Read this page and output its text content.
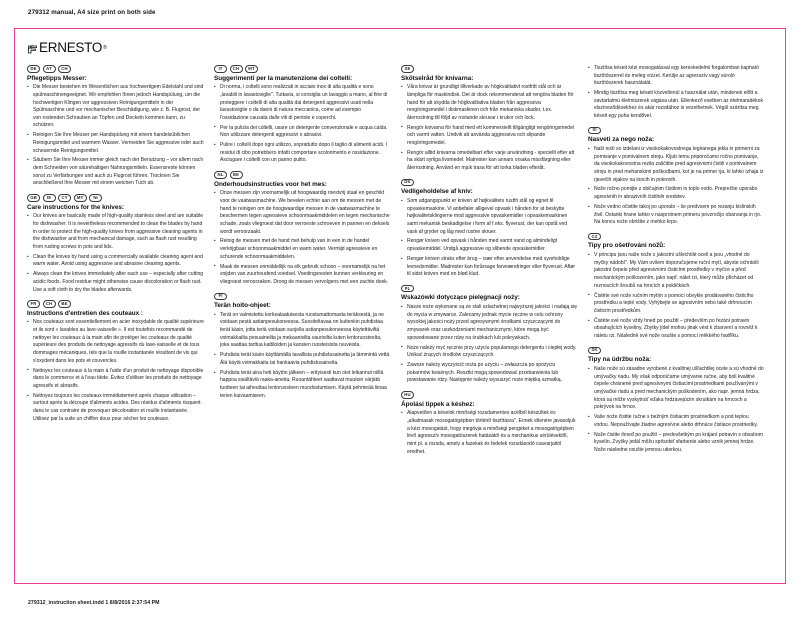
279312 manual, A4 size print on both side
ERNESTO ®
DE	AT	CH
Pflegetipps Messer:
• Die Messer bestehen im Wesentlichen aus hochwertigem Edelstahl und sind spülmaschinengeeignet. Wir empfehlen Ihnen jedoch Handspülung, um die hochwertigen Klingen vor aggressiven Reinigungsmitteln in der Spülmaschine und vor mechanischer Beschädigung, wie z. B. Flugrost, der von rostenden Schrauben an Töpfen und Deckeln kommen kann, zu schützen.
• Reinigen Sie Ihre Messer per Handspülung mit einem handelsüblichen Reinigungsmittel und warmem Wasser. Vermeiden Sie aggressive oder auch scheuernde Reinigungsmittel.
• Säubern Sie Ihre Messer immer gleich nach der Benutzung – vor allem nach dem Schneiden von säurehaltigen Nahrungsmitteln. Essensreste können sonst zu Verfärbungen und auch zu Flugrost führen. Trocknen Sie anschließend Ihre Messer mit einem weichen Tuch ab.
GB	IE	CY	MT	NI
Care instructions for the knives:
• Our knives are basically made of high-quality stainless steel and are suitable for dishwasher. It is nevertheless recommended to clean the blades by hand in order to protect the high-quality knives from aggressive cleaning agents in the dishwasher and from mechanical damage, such as flash rust resulting from rusting screws in pots and lids.
• Clean the knives by hand using a commercially available cleaning agent and warm water. Avoid using aggressive and abrasive cleaning agents.
• Always clean the knives immediately after each use – especially after cutting acidic foods. Food residue might otherwise cause discoloration or flash rust. Use a soft cloth to dry the blades afterwards.
FR	CH	BE
Instructions d'entretien des couteaux :
• Nos couteaux sont essentiellement en acier inoxydable de qualité supérieure et ils sont « lavables au lave-vaisselle ». Il est toutefois recommandé de nettoyer les couteaux à la main afin de protéger les couteaux de qualité supérieure des produits de nettoyage agressifs du lave-vaisselle et de tous dommages mécaniques, tels que la rouille instantanée résultant de vis qui s'oxydent dans les pots et couvercles.
• Nettoyez les couteaux à la main à l'aide d'un produit de nettoyage disponible dans le commerce et à l'eau tiède. Évitez d'utiliser les produits de nettoyage agressifs et abrasifs.
• Nettoyez toujours les couteaux immédiatement après chaque utilisation – surtout après la découpe d'aliments acides. Des résidus d'aliments risquent dans le cas contraire de provoquer décoloration et rouille instantanée. Utilisez par la suite un chiffon doux pour sécher les couteaux.
IT	CH	MT
Suggerimenti per la manutenzione dei coltelli:
• Di norma, i coltelli sono realizzati in acciaio inox di alta qualità e sono „lavabili in lavastoviglie". Tuttavia, si consiglia un lavaggio a mano, al fine di proteggere i coltelli di alta qualità dai detergenti aggressivi usati nella lavastoviglie o da danni di natura meccanica, come ad esempio l'ossidazione causata dalle viti di pentole e coperchi.
• Per la pulizia dei coltelli, usare un detergente convenzionale e acqua calda. Non utilizzare detergenti aggressivi o abrasivi.
• Pulire i coltelli dopo ogni utilizzo, soprattutto dopo il taglio di alimenti acidi. I residui di cibo potrebbero infatti comportare scolorimento e ossidazione. Asciugare i coltelli con un panno pulito.
NL	BE
Onderhoudsinstructies voor het mes:
• Onze messen zijn voornamelijk uit hoogwaardig roestvrij staal en geschikt voor de vaatwasmachine. We bevelen echter aan om de messen met de hand te reinigen om de hoogwaardige messen in de vaatwasmachine te beschermen tegen agressieve schoonmaakmiddelen en tegen mechanische schade, zoals vliegroest dat door verroeste schroeven in pannen en deksels wordt veroorzaakt.
• Reinig de messen met de hand met behulp van in een in de handel verkrijgbaar schoonmaakmiddel en warm water. Vermijd agressieve en schurende schoonmaakmiddelen.
• Maak de messen onmiddellijk na elk gebruik schoon – voornamelijk na het snijden van zuurhoudend voedsel. Voedingsresten kunnen verkleuring en vliegroest veroorzaken. Droog de messen vervolgens met een zachte doek.
FI
Terän hoito-ohjeet:
• Terät on valmistettu korkealaatuisesta ruostumattomasta teräksestä, ja ne voidaan pestä astianpesukoneessa. Suositeltavaa on kuitenkin puhdistaa terät käsin, jotta teriä voidaan suojella astianpesukoneessa käytettäviltä voimakkailta pesuaineilta ja mekaanisilta vaurioilta kuten lentoruosteelta, joka saattaa tarttua kattiloiden ja kansien ruosteisista ruuveista.
• Puhdista terät käsin käyttämällä tavallista puhdistusainetta ja lämmintä vettä. Älä käytä voimakkaita tai hankaavia puhdistusaineita.
• Puhdista terät aina heti käytön jälkeen – erityisesti kun olet leikannut niillä happoa sisältäviä raaka-aineita. Ruoantähteet saattavat muutoin värjätä tuotteen tai aiheuttaa lentoruosteen muodostumisen. Käytä pehmeää liinaa terien kuivaamiseen.
SE
Skötselråd för knivarna:
• Våra knivar är grundligt tillverkade av högkvalitativt rostfritt stål och är lämpliga för maskindisk. Det är dock rekommenderat att rengöra bladen för hand för att skydda de högkvalitativa bladen från aggressiva rengöringsmedel i diskmaskinen och från mekaniska skador, t.ex. återrostning till följd av rostande skruvar i krukor och lock.
• Rengör knivarna för hand med ett kommersiellt tillgängligt rengöringsmedel och varmt vatten. Undvik att använda aggressiva och slipande rengöringsmedel.
• Rengör alltid knivarna omedelbart efter varje användning - speciellt efter att ha skärt syrliga livsmedel. Matrester kan annars orsaka missfärgning eller återrostning. Använd en mjuk trasa för att torka bladen efteråt.
DK
Vedligeholdelse af kniv:
• Som udgangspunkt er kniven af højkvalitets rustfri stål og egnet til opvaskemaskine. Vi anbefaler alligevel opvask i hånden for at beskytte højkvalitetsklingerne mod aggressive opvaskemidler i opvaskemaskinen samt mekanisk beskadigelse i form af f.eks. flyverust, der kan opstå ved vask af gryder og låg med rustne skruer.
• Rengør kniven ved opvask i hånden med varmt vand og almindeligt opvaskemiddel. Undgå aggressive og slibende opvaskemidler.
• Rengør kniven straks efter brug – især efter anvendelse med syreholdige levnedsmidler. Madrester kan forårsage farveændringer eller flyverust. Aftør til sidst kniven med en blød klud.
PL
Wskazówki dotyczące pielęgnacji noży:
• Nasze noże wykonane są ze stali szlachetnej najwyższej jakości i nadają się do mycia w zmywarce. Zalecamy jednak mycie ręczne w celu ochrony wysokiej jakości noży przed agresywnymi środkami czyszczącymi do zmywarek oraz uszkodzeniami mechanicznymi, które mogą być spowodowane przez rdzę na śrubkach lub pokrywkach.
• Noże należy myć ręcznie przy użyciu popularnego detergentu i ciepłej wody. Unikać żrących środków czyszczących.
• Zawsze należy wyczyścić noża po użyciu – zwłaszcza po spożyciu pokarmów kwaśnych. Resztki mogą spowodować przebarwienia lub powstawanie rdzy. Następnie należy wysuszyć noże miękką szmatką.
HU
Ápolási tippek a késhez:
• Alapvetően a késeink minőségi rozsdamentes acélból készültek és „alkalmasak mosogatógépben történő tisztításra". Ennek ellenére javasoljuk a kézi mosogatást, hogy megóvja a minőségi pengéket a mosogatógépben lévő agresszív mosogatószerek hatásától és a mechanikus sérülésektől, mint pl. a rozsda, amely a fazekak és fedelek rozsdásodó csavarjaitól eredhet.
• Tisztítsa késeit kézi mosogatással egy kereskedelmi forgalomban kapható tisztítószerrel és meleg vízzel. Kerülje az agresszív vagy súroló tisztítószerek használatát.
• Mindig tisztítsa meg késeit közvetlenül a használat után, mindenek előtt a savtartalmú élelmiszerek vágása után. Ellenkező esetben az ételmaradékok elszíneződésekhez és akár rozsdához is vezethetnek. Végül szárítsa meg késeit egy puha kendővel.
SI
Nasveti za nego noža:
• Naši noži so izdelani iz visokokakovostnega legiranega jekla in primerni za pomivanje v pomivalnem stroju. Kljub temu priporočamo ročno pomivanje, da visokokakovostna rezila zaščitite pred agresivnimi čistili v pomivalnem stroju in pred mehanskimi poškodbami, kot je na primer rja, ki lahko izhaja iz rjavečih vijakov na loncih in pokrovih.
• Nože ročno pomijte z običajnim čistilom in toplo vodo. Preprečite uporabo agresivnih in abrazivnih čistilnih sredstev.
• Nože vedno očistite takoj po uporabi – še predvsem po rezanju kislinskih živil. Ostanki hrane lahko v nasprotnem primeru povzročijo obarvanja in rjo. Na koncu nože obrišite z mehko krpo.
CZ
Tipy pro ošetřování nožů:
• V principu jsou naše nože z jakostní ušlechtilé oceli a jsou „vhodné do myčky nádobí". My Vám ovšem doporučujeme ruční mytí, abyste ochránili jakostní čepele před agresivními čisticími prostředky v myčce a před mechanickým poškozením, jako např. nálet rzi, který může přicházet od reznoucích šroubů na hrncích a pokličkách.
• Čistěte své nože ručním mytím s pomocí obvykle prodávaného čisticího prostředku a teplé vody. Vyhýbejte se agresivním nebo také drhnoucím čisticím prostředkům.
• Čistěte své nože vždy hned po použití – především po řezání potravin obsahujících kyseliny. Zbytky jídel mohou jinak vést k zbarvení a rovněž k náletu rzi. Následně své nože osušte s pomocí měkkého hadříku.
SK
Tipy na údržbu noža:
• Naše nože sú zásadne vyrobené z kvalitnej ušľachtilej ocele a sú vhodné do umývačky riadu. My však odporúčame umývanie ručne, aby boli kvalitné čepele chránené pred agresívnymi čistiacimi prostriedkami používanými v umývačke riadu a pred mechanickým poškodením, ako napr. jemná hrdza, ktorá sa môže vyskytnúť vďaka hrdzavejúcim skrutkám na hrncoch a pokrývok na hrnce.
• Vaše nože čistite ručne s bežným čistiacim prostriedkom a pod teplou vodou. Nepoužívajte žiadne agresívne alebo drhnúce čistiace prostriedky.
• Nože čistite ihneď po použití – predovšetkým po krájaní potravín s obsahom kyselín. Zvyšky jedál môžu spôsobiť sfarbenie alebo vznik jemnej hrdze. Nože následne osušte jemnou utierkou.
279312_instruction sheet.indd 1 8/8/2016 2:37:54 PM
